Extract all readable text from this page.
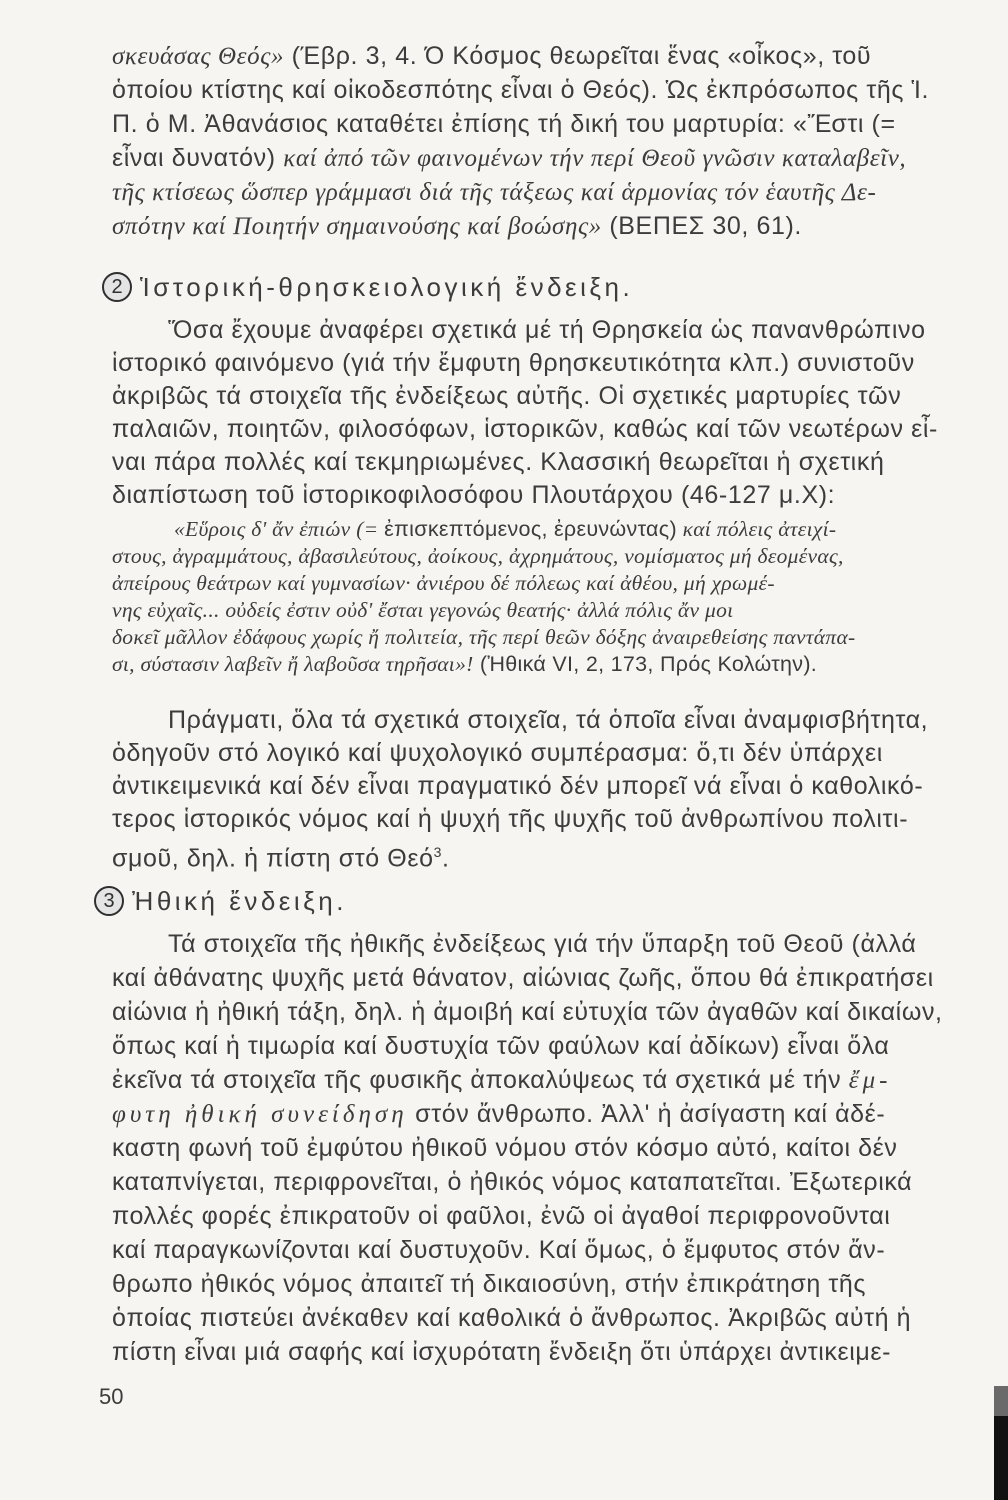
σκευάσας Θεός» (Έβρ. 3, 4. Ό Κόσμος θεωρεῖται ἕνας «οἶκος», τοῦ
ὁποίου κτίστης καί οἰκοδεσπότης εἶναι ὁ Θεός). Ὡς ἐκπρόσωπος τῆς Ἱ.
Π. ὁ Μ. Ἀθανάσιος καταθέτει ἐπίσης τή δική του μαρτυρία: «Ἔστι (=
εἶναι δυνατόν) καί ἀπό τῶν φαινομένων τήν περί Θεοῦ γνῶσιν καταλαβεῖν,
τῆς κτίσεως ὥσπερ γράμμασι διά τῆς τάξεως καί ἁρμονίας τόν ἑαυτῆς Δε-
σπότην καί Ποιητήν σημαινούσης καί βοώσης» (ΒΕΠΕΣ 30, 61).
2 Ἱστορική-θρησκειολογική ἔνδειξη.
Ὅσα ἔχουμε ἀναφέρει σχετικά μέ τή Θρησκεία ὡς πανανθρώπινο
ἱστορικό φαινόμενο (γιά τήν ἔμφυτη θρησκευτικότητα κλπ.) συνιστοῦν
ἀκριβῶς τά στοιχεῖα τῆς ἐνδείξεως αὐτῆς. Οἱ σχετικές μαρτυρίες τῶν
παλαιῶν, ποιητῶν, φιλοσόφων, ἱστορικῶν, καθώς καί τῶν νεωτέρων εἶ-
ναι πάρα πολλές καί τεκμηριωμένες. Κλασσική θεωρεῖται ἡ σχετική
διαπίστωση τοῦ ἱστορικοφιλοσόφου Πλουτάρχου (46-127 μ.Χ):
«Εὕροις δ' ἄν ἐπιών (= ἐπισκεπτόμενος, ἐρευνώντας) καί πόλεις ἀτειχί-
στους, ἀγραμμάτους, ἀβασιλεύτους, ἀοίκους, ἀχρημάτους, νομίσματος μή δεομένας,
ἀπείρους θεάτρων καί γυμνασίων· ἀνιέρου δέ πόλεως καί ἀθέου, μή χρωμέ-
νης εὐχαῖς... οὐδείς ἐστιν οὐδ' ἔσται γεγονώς θεατής· ἀλλά πόλις ἄν μοι
δοκεῖ μᾶλλον ἐδάφους χωρίς ἤ πολιτεία, τῆς περί θεῶν δόξης ἀναιρεθείσης παντάπα-
σι, σύστασιν λαβεῖν ἤ λαβοῦσα τηρῆσαι»! (Ἠθικά VI, 2, 173, Πρός Κολώτην).
Πράγματι, ὅλα τά σχετικά στοιχεῖα, τά ὁποῖα εἶναι ἀναμφισβήτητα,
ὁδηγοῦν στό λογικό καί ψυχολογικό συμπέρασμα: ὅ,τι δέν ὑπάρχει
ἀντικειμενικά καί δέν εἶναι πραγματικό δέν μπορεῖ νά εἶναι ὁ καθολικό-
τερος ἱστορικός νόμος καί ἡ ψυχή τῆς ψυχῆς τοῦ ἀνθρωπίνου πολιτι-
σμοῦ, δηλ. ἡ πίστη στό Θεό$^3$.
3 Ἠθική ἔνδειξη.
Τά στοιχεῖα τῆς ἠθικῆς ἐνδείξεως γιά τήν ὕπαρξη τοῦ Θεοῦ (ἀλλά
καί ἀθάνατης ψυχῆς μετά θάνατον, αἰώνιας ζωῆς, ὅπου θά ἐπικρατήσει
αἰώνια ἡ ἠθική τάξη, δηλ. ἡ ἀμοιβή καί εὐτυχία τῶν ἀγαθῶν καί δικαίων,
ὅπως καί ἡ τιμωρία καί δυστυχία τῶν φαύλων καί ἀδίκων) εἶναι ὅλα
ἐκεῖνα τά στοιχεῖα τῆς φυσικῆς ἀποκαλύψεως τά σχετικά μέ τήν ἔμ-
φυτη ἠθική συνείδηση στόν ἄνθρωπο. Ἀλλ' ἡ ἀσίγαστη καί ἀδέ-
καστη φωνή τοῦ ἐμφύτου ἠθικοῦ νόμου στόν κόσμο αὐτό, καίτοι δέν
καταπνίγεται, περιφρονεῖται, ὁ ἠθικός νόμος καταπατεῖται. Ἐξωτερικά
πολλές φορές ἐπικρατοῦν οἱ φαῦλοι, ἐνῶ οἱ ἀγαθοί περιφρονοῦνται
καί παραγκωνίζονται καί δυστυχοῦν. Καί ὅμως, ὁ ἔμφυτος στόν ἄν-
θρωπο ἠθικός νόμος ἀπαιτεῖ τή δικαιοσύνη, στήν ἐπικράτηση τῆς
ὁποίας πιστεύει ἀνέκαθεν καί καθολικά ὁ ἄνθρωπος. Ἀκριβῶς αὐτή ἡ
πίστη εἶναι μιά σαφής καί ἰσχυρότατη ἔνδειξη ὅτι ὑπάρχει ἀντικειμε-
50
